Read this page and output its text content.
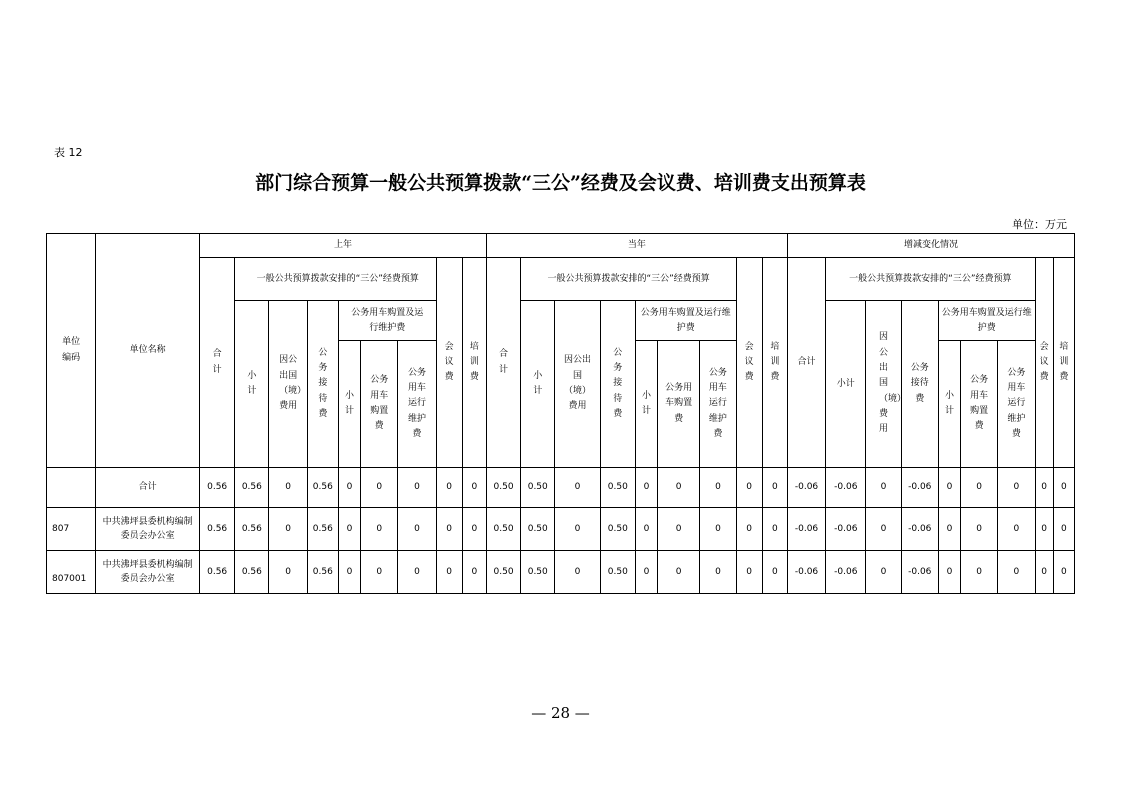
表 12
部门综合预算一般公共预算拨款“三公”经费及会议费、培训费支出预算表
单位：万元
单位编码	单位名称	上年									当年									增减变化情况								
		合计	一般公共预算拨款安排的“三公”经费预算						会议费	培训费	合计	一般公共预算拨款安排的“三公”经费预算						会议费	培训费	合计	一般公共预算拨款安排的“三公”经费预算						会议费	培训费
			小计	因公出国（境）费用	公务接待费	公务用车购置及运行维护费						小计	因公出国（境）费用	公务接待费	公务用车购置及运行维护费						小计	因公出国（境）费用	公务接待费	公务用车购置及运行维护费				
						小计	公务用车购置费	公务用车运行维护费							小计	公务用车购置费	公务用车运行维护费							小计	公务用车购置费	公务用车运行维护费		
	合计	0.56	0.56	0	0.56	0	0	0	0	0	0.50	0.50	0	0.50	0	0	0	0	0	-0.06	-0.06	0	-0.06	0	0	0	0	0
807	中共沸坪县委机构编制委员会办公室	0.56	0.56	0	0.56	0	0	0	0	0	0.50	0.50	0	0.50	0	0	0	0	0	-0.06	-0.06	0	-0.06	0	0	0	0	0
807001	中共沸坪县委机构编制委员会办公室	0.56	0.56	0	0.56	0	0	0	0	0	0.50	0.50	0	0.50	0	0	0	0	0	-0.06	-0.06	0	-0.06	0	0	0	0	0
— 28 —
